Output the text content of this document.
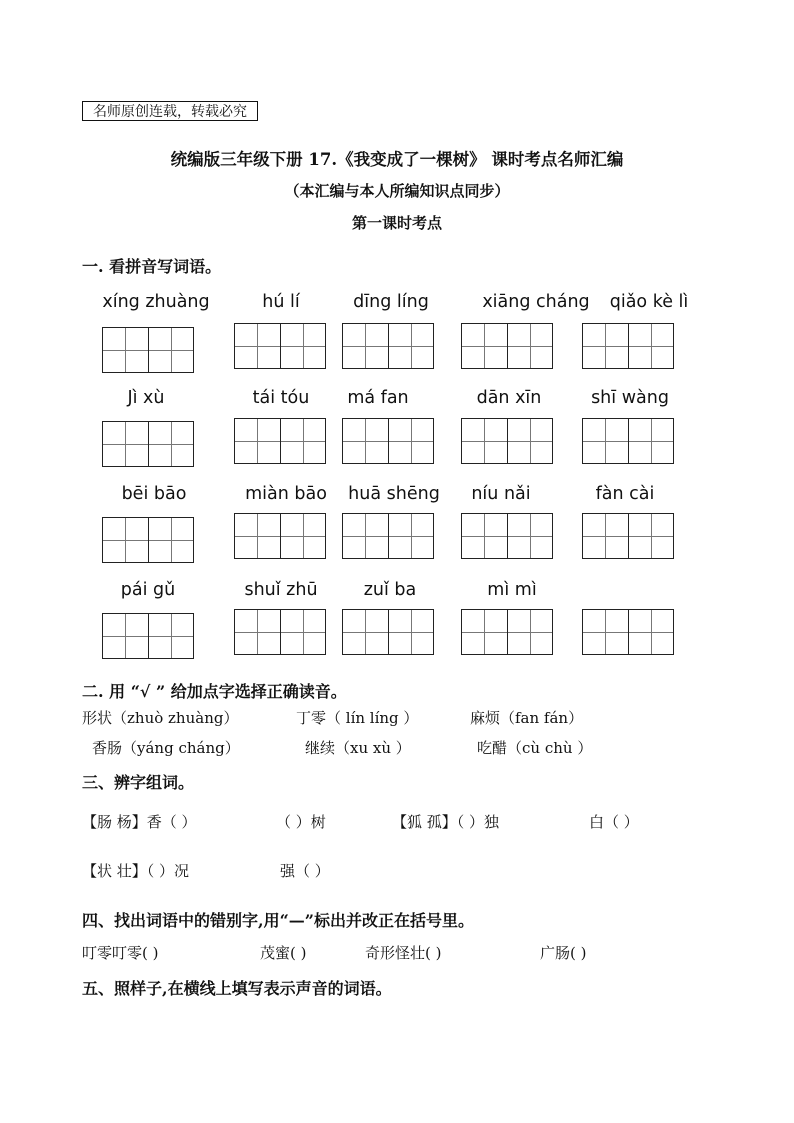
名师原创连载，转载必究
统编版三年级下册 17.《我变成了一棵树》 课时考点名师汇编
（本汇编与本人所编知识点同步）
第一课时考点
一. 看拼音写词语。
xíng zhuàng	hú lí	dīng líng	xiāng cháng	qiǎo kè lì
Jì xù	tái tóu	má fan	dān xīn	shī wàng
bēi bāo	miàn bāo	huā shēng	níu nǎi	fàn cài
pái gǔ	shuǐ zhū	zuǐ ba	mì mì
二. 用 “√ ” 给加点字选择正确读音。
形状（zhuò zhuàng）	丁零（ lín líng ）	麻烦（fan fán）
香肠（yáng cháng）	继续（xu xù ）	吃醋（cù chù ）
三、辨字组词。
【肠 杨】香（ ）	（ ）树	【狐 孤】（ ）独	白（ ）
【状 壮】（ ）况	强（ ）
四、找出词语中的错别字,用“—”标出并改正在括号里。
叮零叮零( )	茂蜜( )	奇形怪壮( )	广肠( )
五、照样子,在横线上填写表示声音的词语。
